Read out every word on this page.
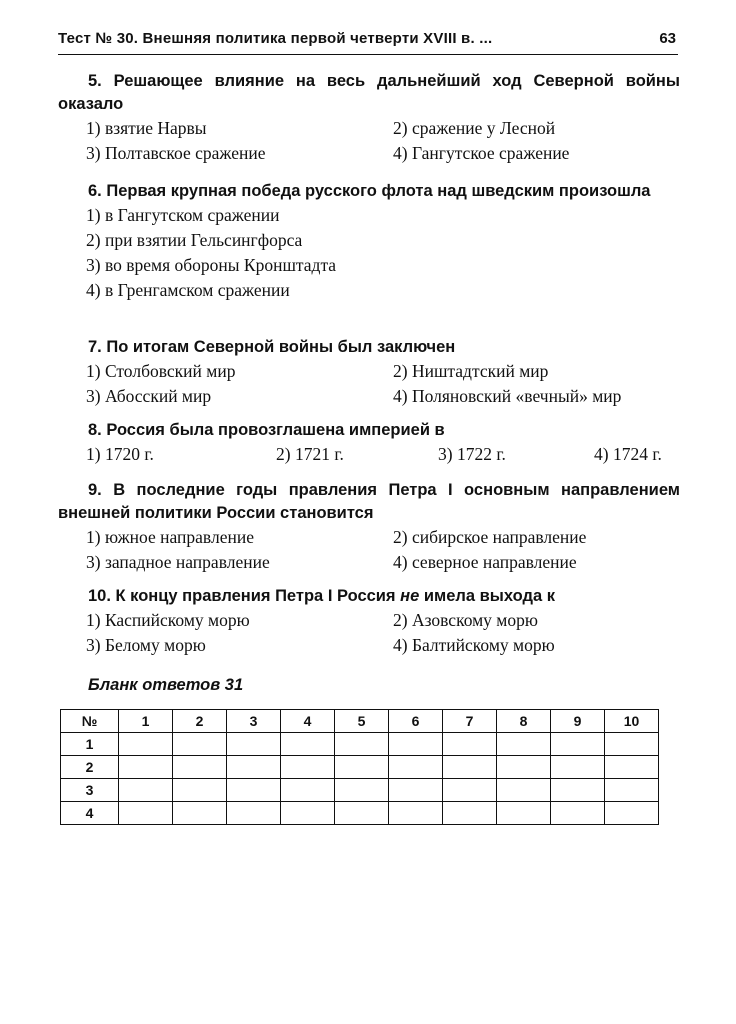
Тест № 30. Внешняя политика первой четверти XVIII в. ...	63
5. Решающее влияние на весь дальнейший ход Северной войны оказало
1) взятие Нарвы	2) сражение у Лесной
3) Полтавское сражение	4) Гангутское сражение
6. Первая крупная победа русского флота над шведским произошла
1) в Гангутском сражении
2) при взятии Гельсингфорса
3) во время обороны Кронштадта
4) в Гренгамском сражении
7. По итогам Северной войны был заключен
1) Столбовский мир	2) Ништадтский мир
3) Абосский мир	4) Поляновский «вечный» мир
8. Россия была провозглашена империей в
1) 1720 г.	2) 1721 г.	3) 1722 г.	4) 1724 г.
9. В последние годы правления Петра I основным направлением внешней политики России становится
1) южное направление	2) сибирское направление
3) западное направление	4) северное направление
10. К концу правления Петра I Россия не имела выхода к
1) Каспийскому морю	2) Азовскому морю
3) Белому морю	4) Балтийскому морю
Бланк ответов 31
№	1	2	3	4	5	6	7	8	9	10
1										
2										
3										
4										
